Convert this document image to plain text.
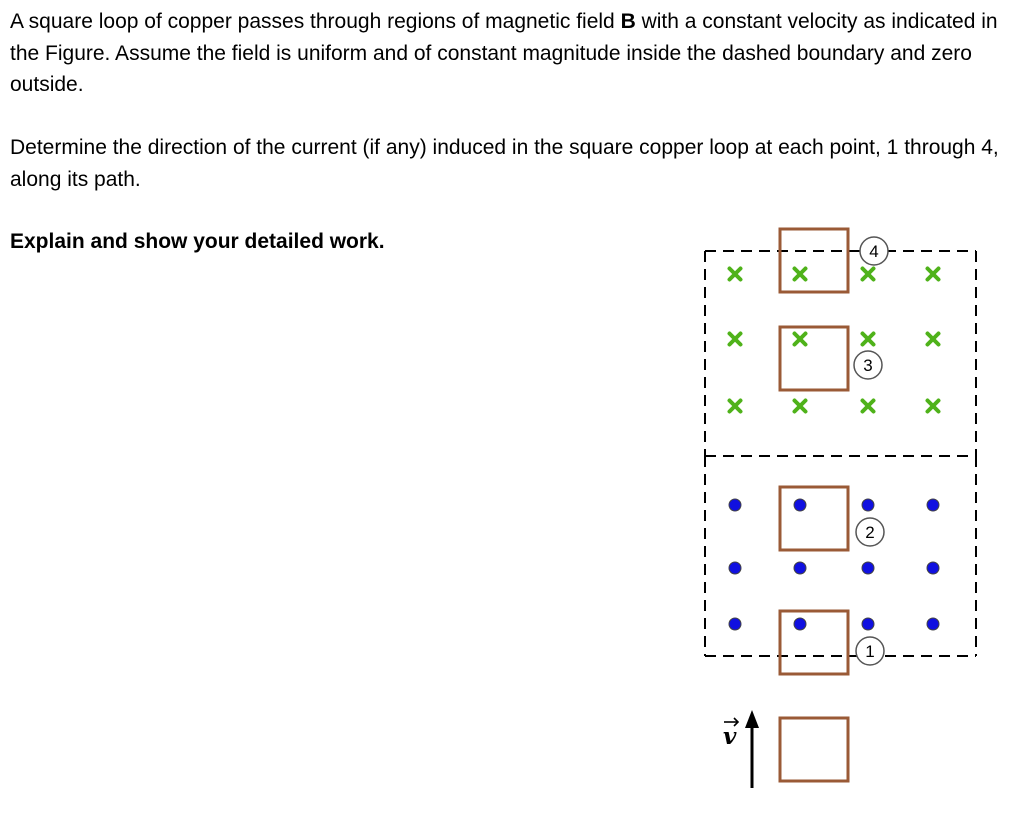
A square loop of copper passes through regions of magnetic field B with a constant velocity as indicated in the Figure. Assume the field is uniform and of constant magnitude inside the dashed boundary and zero outside.

Determine the direction of the current (if any) induced in the square copper loop at each point, 1 through 4, along its path.

Explain and show your detailed work.

1
2
3
4
v
